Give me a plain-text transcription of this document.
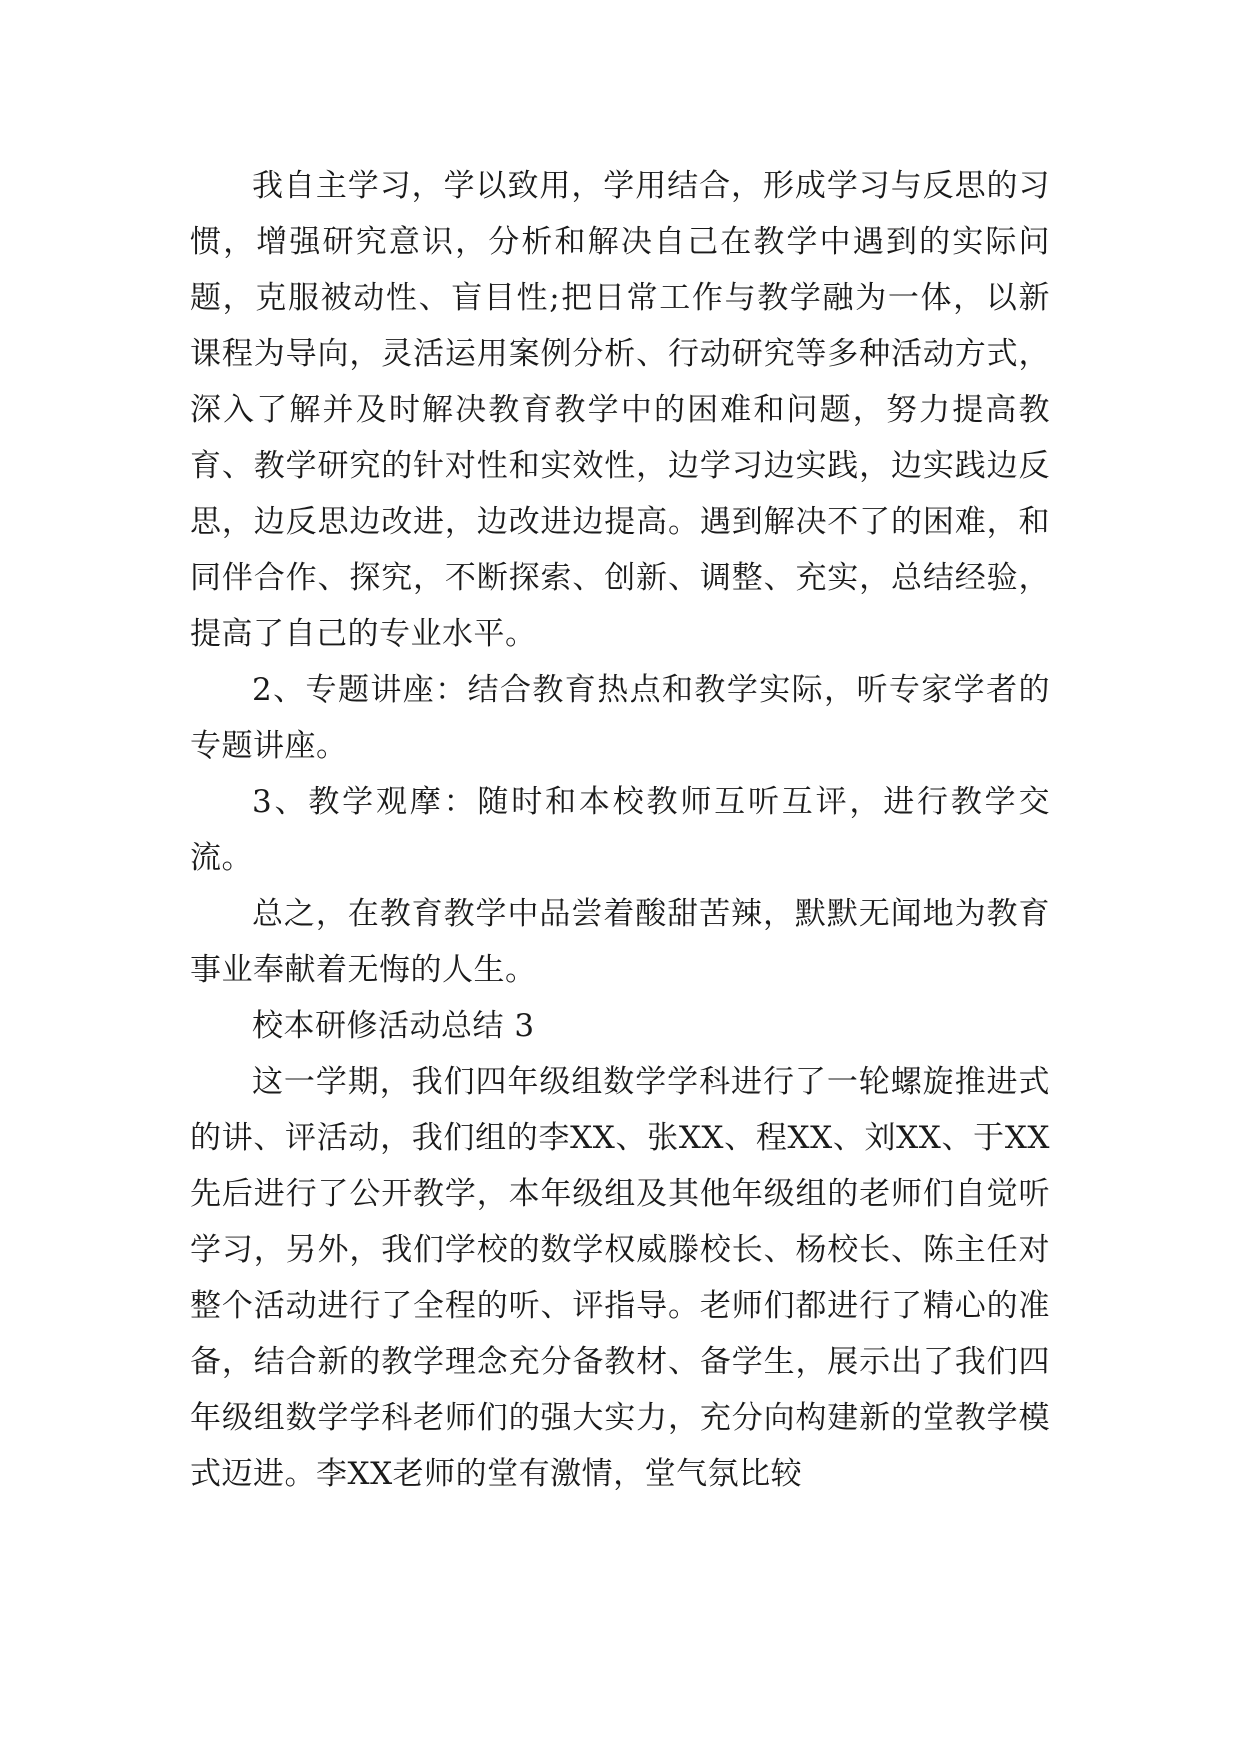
我自主学习，学以致用，学用结合，形成学习与反思的习惯，增强研究意识，分析和解决自己在教学中遇到的实际问题，克服被动性、盲目性;把日常工作与教学融为一体，以新课程为导向，灵活运用案例分析、行动研究等多种活动方式，深入了解并及时解决教育教学中的困难和问题，努力提高教育、教学研究的针对性和实效性，边学习边实践，边实践边反思，边反思边改进，边改进边提高。遇到解决不了的困难，和同伴合作、探究，不断探索、创新、调整、充实，总结经验，提高了自己的专业水平。

2、专题讲座：结合教育热点和教学实际，听专家学者的专题讲座。

3、教学观摩：随时和本校教师互听互评，进行教学交流。

总之，在教育教学中品尝着酸甜苦辣，默默无闻地为教育事业奉献着无悔的人生。

校本研修活动总结 3

这一学期，我们四年级组数学学科进行了一轮螺旋推进式的讲、评活动，我们组的李XX、张XX、程XX、刘XX、于XX先后进行了公开教学，本年级组及其他年级组的老师们自觉听学习，另外，我们学校的数学权威滕校长、杨校长、陈主任对整个活动进行了全程的听、评指导。老师们都进行了精心的准备，结合新的教学理念充分备教材、备学生，展示出了我们四年级组数学学科老师们的强大实力，充分向构建新的堂教学模式迈进。李XX老师的堂有激情，堂气氛比较
